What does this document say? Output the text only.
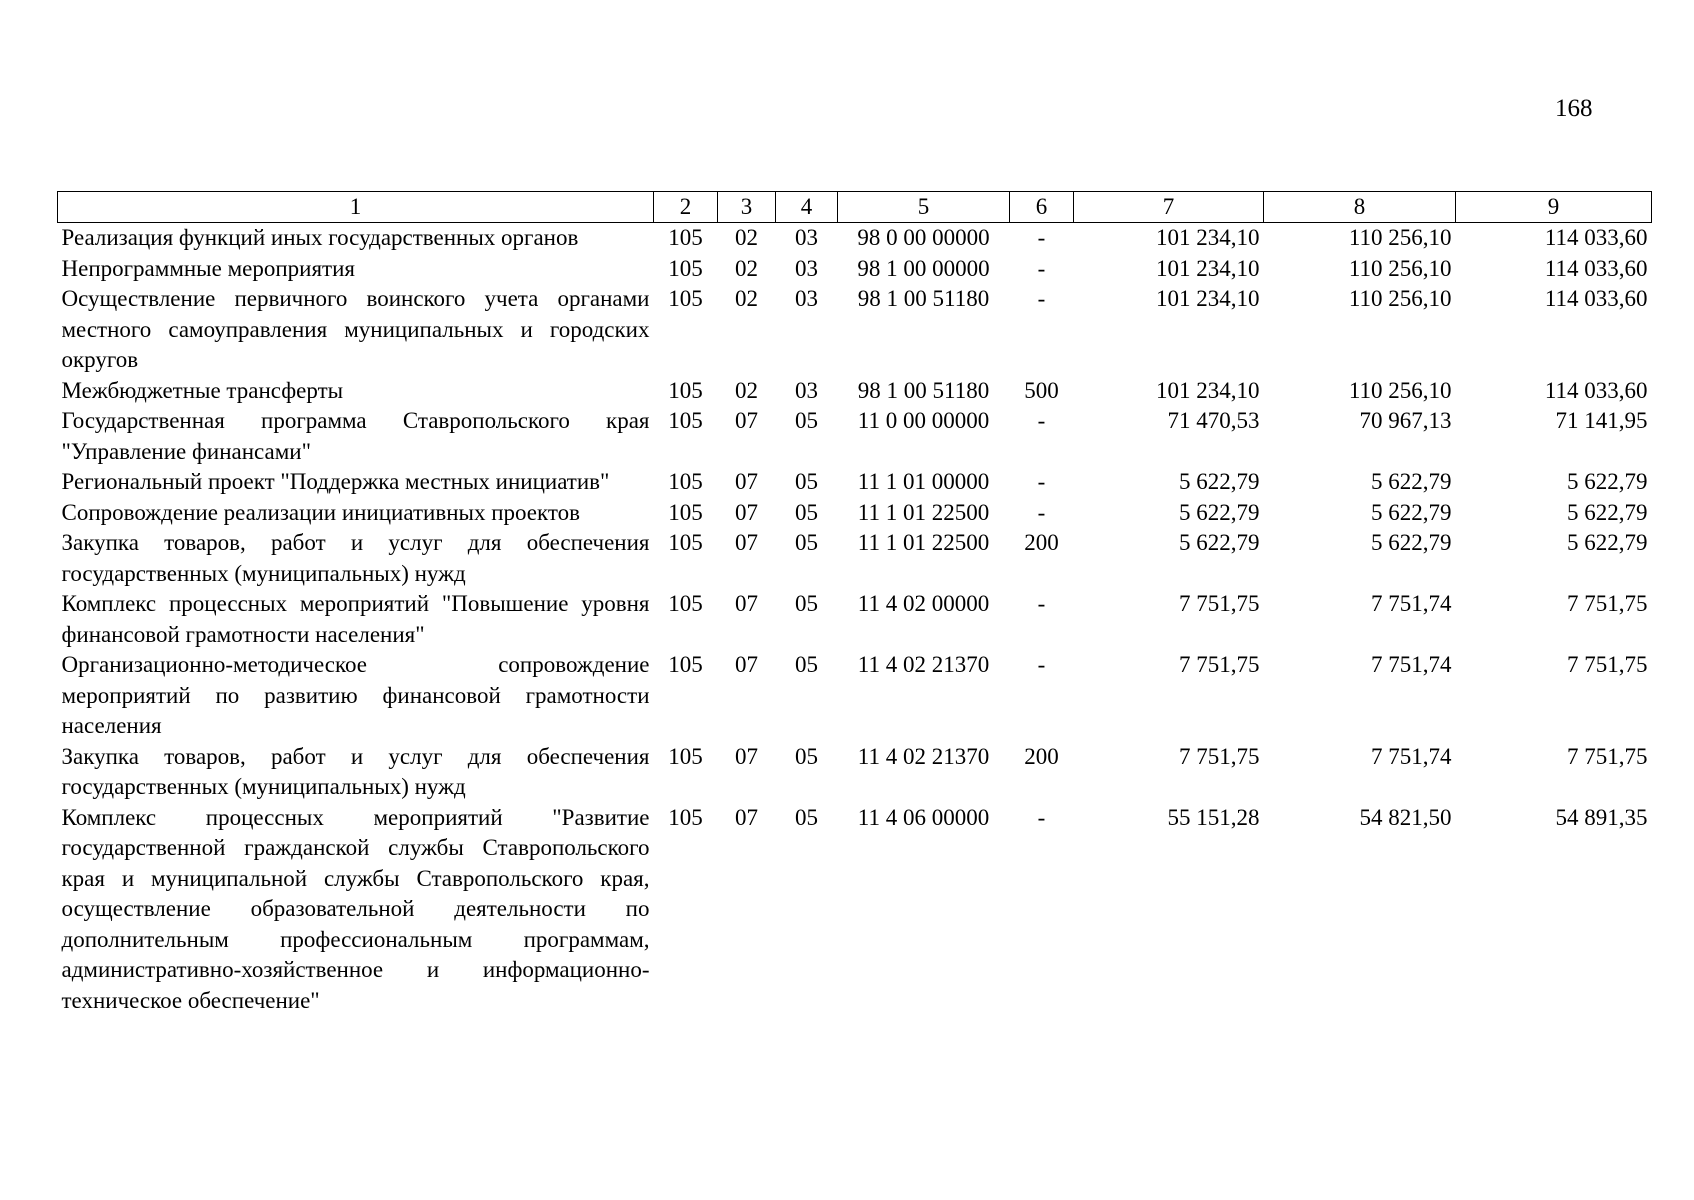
168
1	2	3	4	5	6	7	8	9
Реализация функций иных государственных органов	105	02	03	98 0 00 00000	-	101 234,10	110 256,10	114 033,60
Непрограммные мероприятия	105	02	03	98 1 00 00000	-	101 234,10	110 256,10	114 033,60
Осуществление первичного воинского учета органами местного самоуправления муниципальных и городских округов	105	02	03	98 1 00 51180	-	101 234,10	110 256,10	114 033,60
Межбюджетные трансферты	105	02	03	98 1 00 51180	500	101 234,10	110 256,10	114 033,60
Государственная программа Ставропольского края "Управление финансами"	105	07	05	11 0 00 00000	-	71 470,53	70 967,13	71 141,95
Региональный проект "Поддержка местных инициатив"	105	07	05	11 1 01 00000	-	5 622,79	5 622,79	5 622,79
Сопровождение реализации инициативных проектов	105	07	05	11 1 01 22500	-	5 622,79	5 622,79	5 622,79
Закупка товаров, работ и услуг для обеспечения государственных (муниципальных) нужд	105	07	05	11 1 01 22500	200	5 622,79	5 622,79	5 622,79
Комплекс процессных мероприятий "Повышение уровня финансовой грамотности населения"	105	07	05	11 4 02 00000	-	7 751,75	7 751,74	7 751,75
Организационно-методическое сопровождение мероприятий по развитию финансовой грамотности населения	105	07	05	11 4 02 21370	-	7 751,75	7 751,74	7 751,75
Закупка товаров, работ и услуг для обеспечения государственных (муниципальных) нужд	105	07	05	11 4 02 21370	200	7 751,75	7 751,74	7 751,75
Комплекс процессных мероприятий "Развитие государственной гражданской службы Ставропольского края и муниципальной службы Ставропольского края, осуществление образовательной деятельности по дополнительным профессиональным программам, административно-хозяйственное и информационно-техническое обеспечение"	105	07	05	11 4 06 00000	-	55 151,28	54 821,50	54 891,35
